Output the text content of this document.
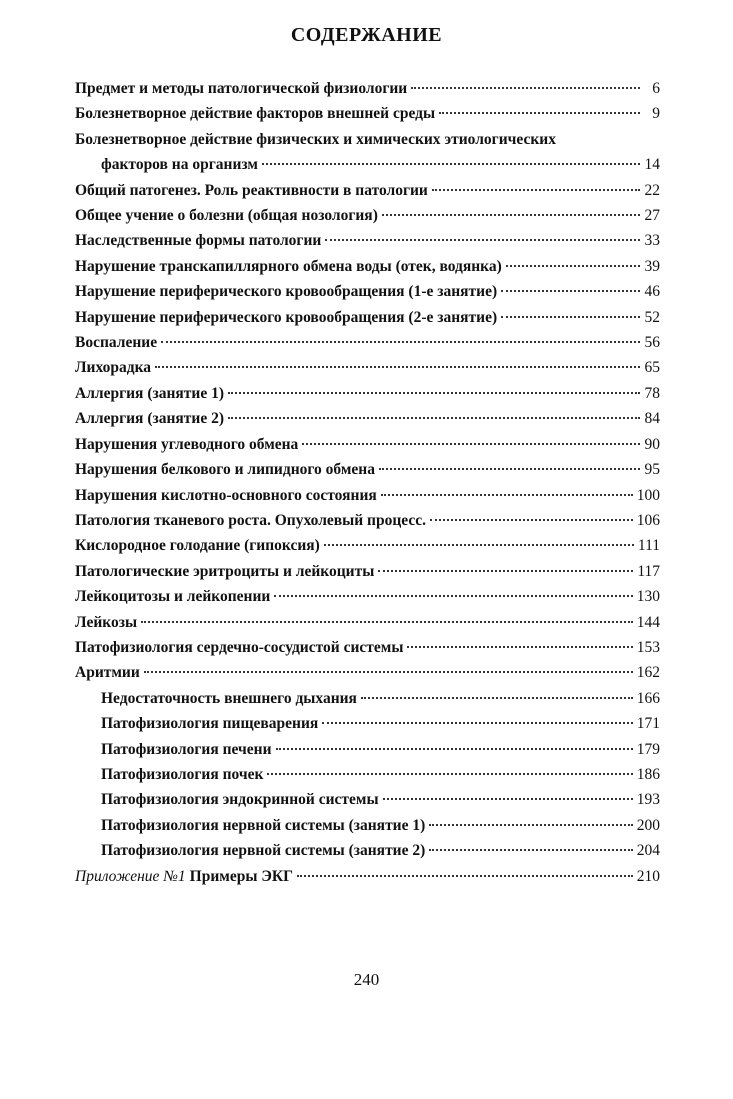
СОДЕРЖАНИЕ
Предмет и методы патологической физиологии	6
Болезнетворное действие факторов внешней среды	9
Болезнетворное действие физических и химических этиологических
факторов на организм	14
Общий патогенез. Роль реактивности в патологии	22
Общее учение о болезни (общая нозология)	27
Наследственные формы патологии	33
Нарушение транскапиллярного обмена воды (отек, водянка)	39
Нарушение периферического кровообращения (1-е занятие)	46
Нарушение периферического кровообращения (2-е занятие)	52
Воспаление	56
Лихорадка	65
Аллергия (занятие 1)	78
Аллергия (занятие 2)	84
Нарушения углеводного обмена	90
Нарушения белкового и липидного обмена	95
Нарушения кислотно-основного состояния	100
Патология тканевого роста. Опухолевый процесс.	106
Кислородное голодание (гипоксия)	111
Патологические эритроциты и лейкоциты	117
Лейкоцитозы и лейкопении	130
Лейкозы	144
Патофизиология сердечно-сосудистой системы	153
Аритмии	162
Недостаточность внешнего дыхания	166
Патофизиология пищеварения	171
Патофизиология печени	179
Патофизиология почек	186
Патофизиология эндокринной системы	193
Патофизиология нервной системы (занятие 1)	200
Патофизиология нервной системы (занятие 2)	204
Приложение №1 Примеры ЭКГ	210
240
